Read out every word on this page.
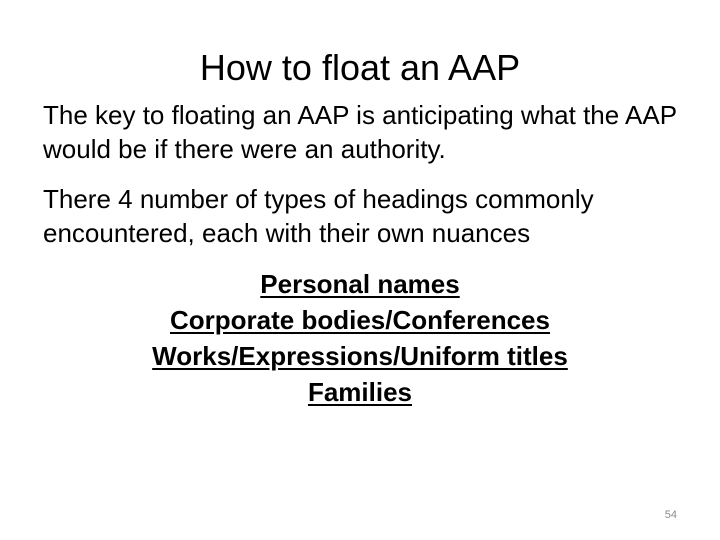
How to float an AAP

The key to floating an AAP is anticipating what the AAP would be if there were an authority.

There 4 number of types of headings commonly encountered, each with their own nuances

Personal names
Corporate bodies/Conferences
Works/Expressions/Uniform titles
Families
54
